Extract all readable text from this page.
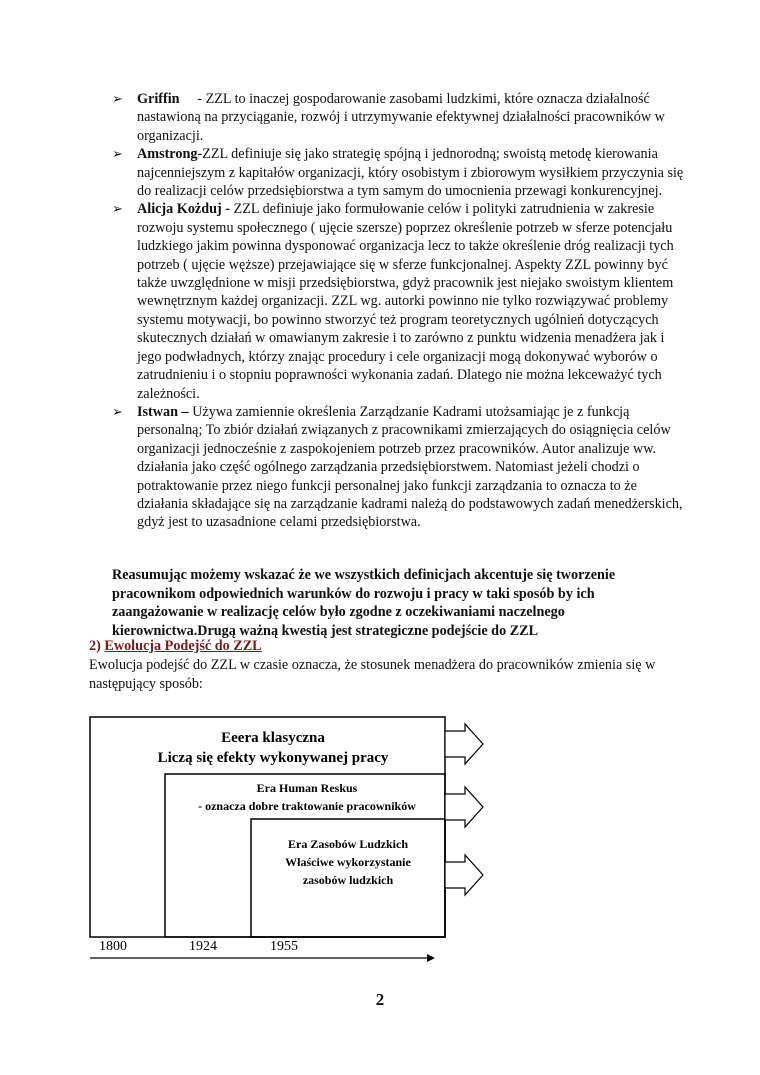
➢ Griffin     - ZZL to inaczej gospodarowanie zasobami ludzkimi, które oznacza działalność nastawioną na przyciąganie, rozwój i utrzymywanie efektywnej działalności pracowników w organizacji.
➢ Amstrong-ZZL definiuje się jako strategię spójną i jednorodną; swoistą metodę kierowania najcenniejszym z kapitałów organizacji, który osobistym i zbiorowym wysiłkiem przyczynia się do realizacji celów przedsiębiorstwa a tym samym do umocnienia przewagi konkurencyjnej.
➢ Alicja Kożduj - ZZL definiuje jako formułowanie celów i polityki zatrudnienia w zakresie rozwoju systemu społecznego ( ujęcie szersze) poprzez określenie potrzeb w sferze potencjału ludzkiego jakim powinna dysponować organizacja lecz to także określenie dróg realizacji tych potrzeb ( ujęcie węższe) przejawiające się w sferze funkcjonalnej. Aspekty ZZL powinny być także uwzględnione w misji przedsiębiorstwa, gdyż pracownik jest niejako swoistym klientem wewnętrznym każdej organizacji. ZZL wg. autorki powinno nie tylko rozwiązywać problemy systemu motywacji, bo powinno stworzyć też program teoretycznych ugólnień dotyczących skutecznych działań w omawianym zakresie i to zarówno z punktu widzenia menadżera jak i jego podwładnych, którzy znając procedury i cele organizacji mogą dokonywać wyborów o zatrudnieniu i o stopniu poprawności wykonania zadań. Dlatego nie można lekceważyć tych zależności.
➢ Istwan – Używa zamiennie określenia Zarządzanie Kadrami utożsamiając je z funkcją personalną; To zbiór działań związanych z pracownikami zmierzających do osiągnięcia celów organizacji jednocześnie z zaspokojeniem potrzeb przez pracowników. Autor analizuje ww. działania jako część ogólnego zarządzania przedsiębiorstwem. Natomiast jeżeli chodzi o potraktowanie przez niego funkcji personalnej jako funkcji zarządzania to oznacza to że działania składające się na zarządzanie kadrami należą do podstawowych zadań menedżerskich, gdyż jest to uzasadnione celami przedsiębiorstwa.
Reasumując możemy wskazać że we wszystkich definicjach akcentuje się tworzenie pracownikom odpowiednich warunków do rozwoju i pracy w taki sposób by ich zaangażowanie w realizację celów było zgodne z oczekiwaniami naczelnego kierownictwa.Drugą ważną kwestią jest strategiczne podejście do ZZL
2) Ewolucja Podejść do ZZL
Ewolucja podejść do ZZL w czasie oznacza, że stosunek menadżera do pracowników zmienia się w następujący sposób:
Eeera klasyczna
Liczą się efekty wykonywanej pracy
Era Human Reskus
- oznacza dobre traktowanie pracowników
Era Zasobów Ludzkich
Właściwe wykorzystanie
zasobów ludzkich
1800	1924	1955
2
